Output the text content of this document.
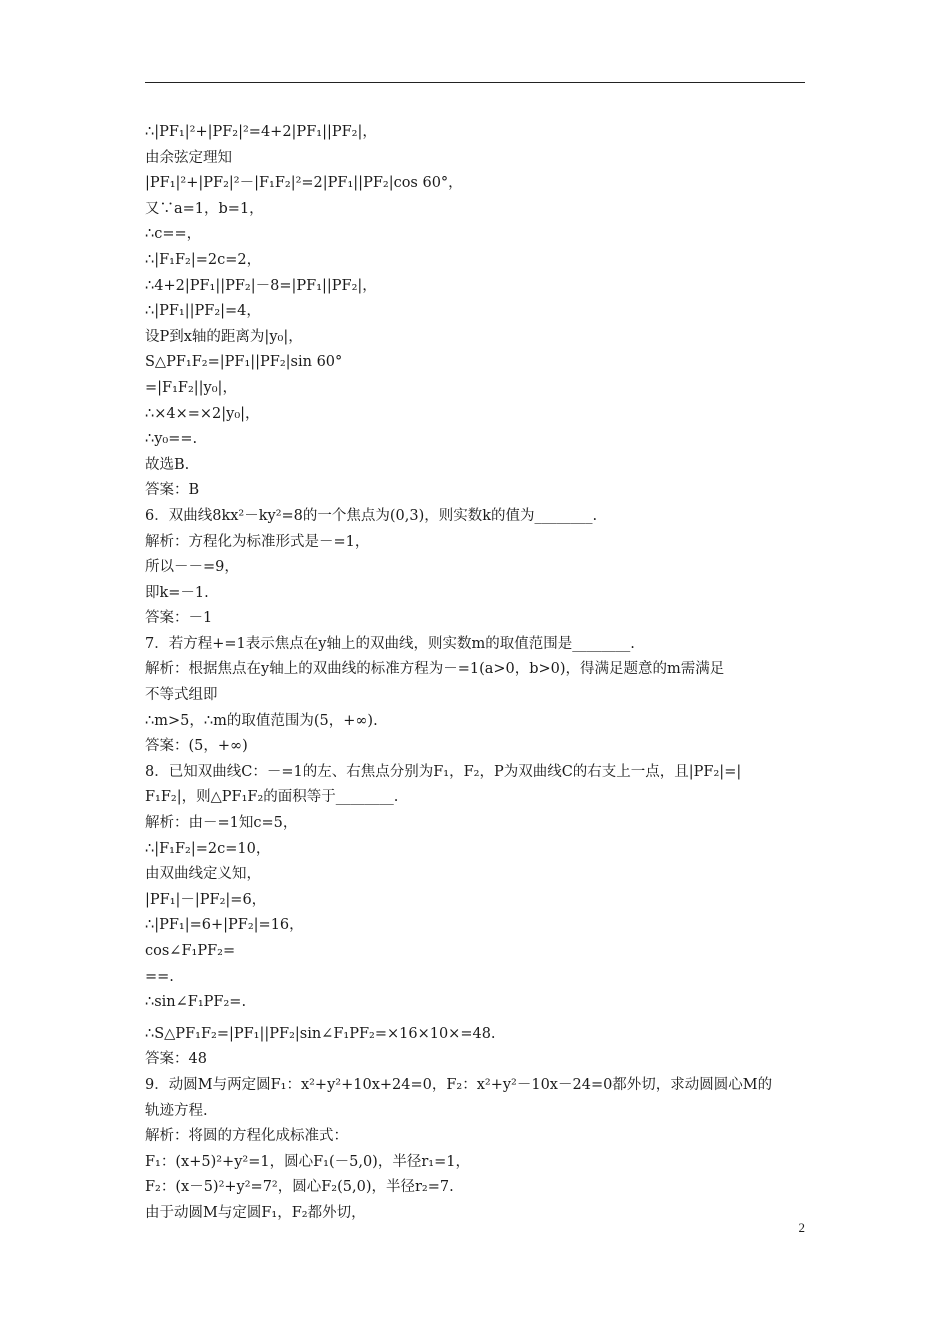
∴|PF₁|²+|PF₂|²=4+2|PF₁||PF₂|，
由余弦定理知
|PF₁|²+|PF₂|²－|F₁F₂|²=2|PF₁||PF₂|cos 60°，
又∵a=1，b=1，
∴c==，
∴|F₁F₂|=2c=2，
∴4+2|PF₁||PF₂|－8=|PF₁||PF₂|，
∴|PF₁||PF₂|=4，
设P到x轴的距离为|y₀|，
S△PF₁F₂=|PF₁||PF₂|sin 60°
=|F₁F₂||y₀|，
∴×4×=×2|y₀|，
∴y₀==.
故选B.
答案：B
6．双曲线8kx²－ky²=8的一个焦点为(0,3)，则实数k的值为________.
解析：方程化为标准形式是－=1，
所以－－=9，
即k=－1.
答案：－1
7．若方程+=1表示焦点在y轴上的双曲线，则实数m的取值范围是________.
解析：根据焦点在y轴上的双曲线的标准方程为－=1(a>0，b>0)，得满足题意的m需满足
不等式组即
∴m>5，∴m的取值范围为(5，+∞).
答案：(5，+∞)
8．已知双曲线C：－=1的左、右焦点分别为F₁，F₂，P为双曲线C的右支上一点，且|PF₂|=|
F₁F₂|，则△PF₁F₂的面积等于________.
解析：由－=1知c=5，
∴|F₁F₂|=2c=10，
由双曲线定义知，
|PF₁|－|PF₂|=6，
∴|PF₁|=6+|PF₂|=16，
cos∠F₁PF₂=
==.
∴sin∠F₁PF₂=.
∴S△PF₁F₂=|PF₁||PF₂|sin∠F₁PF₂=×16×10×=48.
答案：48
9．动圆M与两定圆F₁：x²+y²+10x+24=0，F₂：x²+y²－10x－24=0都外切，求动圆圆心M的
轨迹方程.
解析：将圆的方程化成标准式：
F₁：(x+5)²+y²=1，圆心F₁(－5,0)，半径r₁=1，
F₂：(x－5)²+y²=7²，圆心F₂(5,0)，半径r₂=7.
由于动圆M与定圆F₁，F₂都外切，
2
